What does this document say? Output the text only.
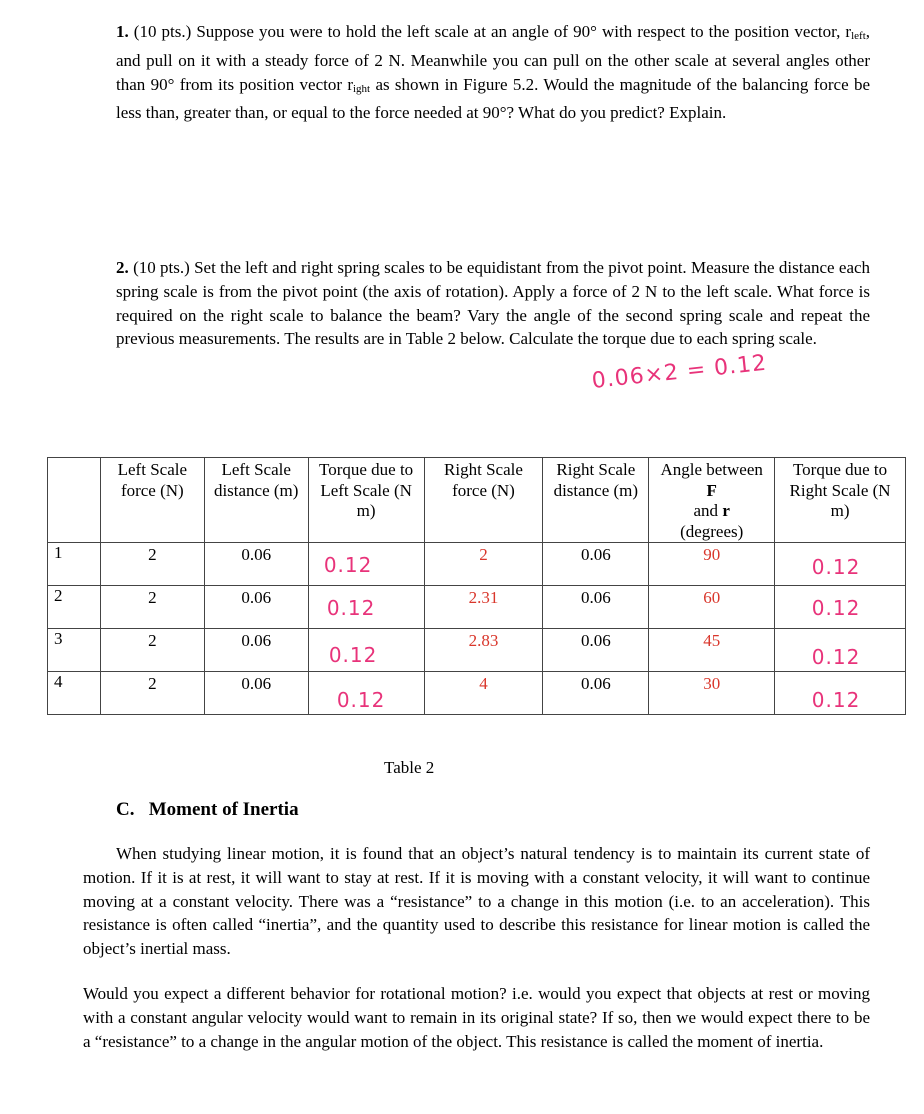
1. (10 pts.) Suppose you were to hold the left scale at an angle of 90° with respect to the position vector, $r_{left}$, and pull on it with a steady force of 2 N. Meanwhile you can pull on the other scale at several angles other than 90° from its position vector $r_{ight}$ as shown in Figure 5.2. Would the magnitude of the balancing force be less than, greater than, or equal to the force needed at 90°? What do you predict? Explain.
2. (10 pts.) Set the left and right spring scales to be equidistant from the pivot point. Measure the distance each spring scale is from the pivot point (the axis of rotation). Apply a force of 2 N to the left scale. What force is required on the right scale to balance the beam? Vary the angle of the second spring scale and repeat the previous measurements. The results are in Table 2 below. Calculate the torque due to each spring scale.
0.06×2 = 0.12
	Left Scale force (N)	Left Scale distance (m)	Torque due to Left Scale (N m)	Right Scale force (N)	Right Scale distance (m)	Angle between F
and r
(degrees)	Torque due to Right Scale (N m)
1	2	0.06	0.12	2	0.06	90	0.12
2	2	0.06	0.12	2.31	0.06	60	0.12
3	2	0.06	0.12	2.83	0.06	45	0.12
4	2	0.06	0.12	4	0.06	30	0.12
Table 2
C. Moment of Inertia

When studying linear motion, it is found that an object’s natural tendency is to maintain its current state of motion. If it is at rest, it will want to stay at rest. If it is moving with a constant velocity, it will want to continue moving at a constant velocity. There was a “resistance” to a change in this motion (i.e. to an acceleration). This resistance is often called “inertia”, and the quantity used to describe this resistance for linear motion is called the object’s inertial mass.

Would you expect a different behavior for rotational motion? i.e. would you expect that objects at rest or moving with a constant angular velocity would want to remain in its original state? If so, then we would expect there to be a “resistance” to a change in the angular motion of the object. This resistance is called the moment of inertia.
